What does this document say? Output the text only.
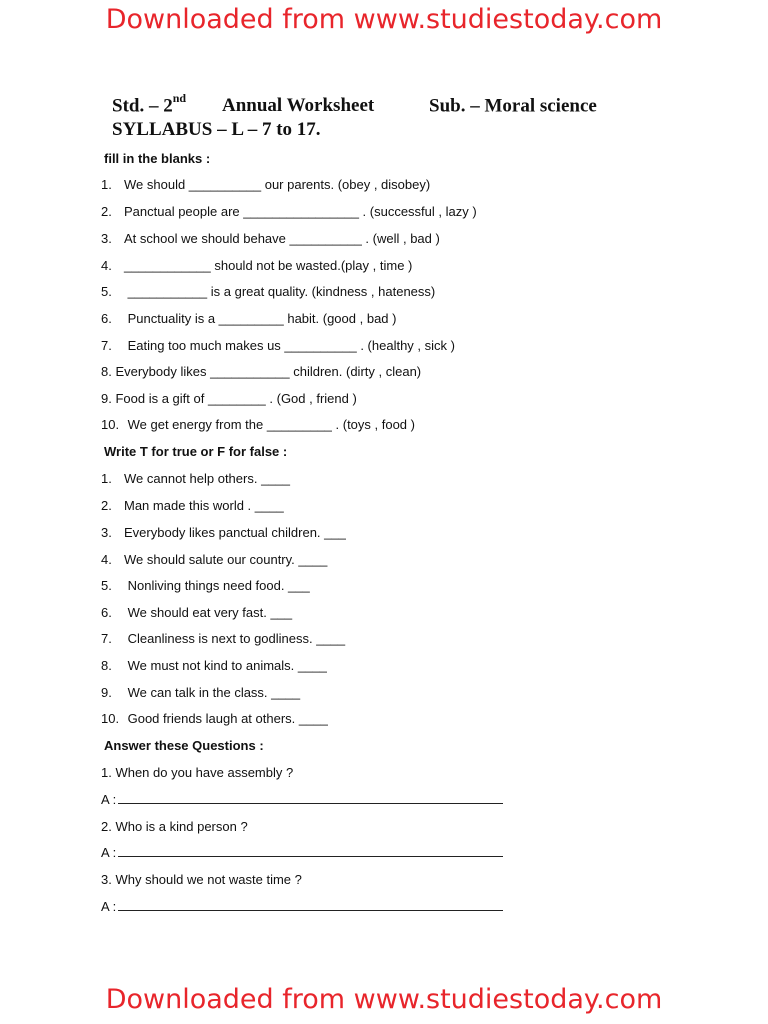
Downloaded from www.studiestoday.com
Std. – 2nd Annual Worksheet	Sub. – Moral science
SYLLABUS – L – 7 to 17.
fill in the blanks :
1. We should __________ our parents. (obey , disobey)
2. Panctual people are ________________ . (successful , lazy )
3. At school we should behave __________ . (well , bad )
4. ____________ should not be wasted.(play , time )
5. ___________ is a great quality. (kindness , hateness)
6. Punctuality is a _________ habit. (good , bad )
7. Eating too much makes us __________ . (healthy , sick )
8. Everybody likes ___________ children. (dirty , clean)
9. Food is a gift of ________ . (God , friend )
10. We get energy from the _________ . (toys , food )
Write T for true or F for false :
1. We cannot help others. ____
2. Man made this world . ____
3. Everybody likes panctual children. ___
4. We should salute our country. ____
5. Nonliving things need food. ___
6. We should eat very fast. ___
7. Cleanliness is next to godliness. ____
8. We must not kind to animals. ____
9. We can talk in the class. ____
10. Good friends laugh at others. ____
Answer these Questions :
1. When do you have assembly ?
A :
2. Who is a kind person ?
A :
3. Why should we not waste time ?
A :
Downloaded from www.studiestoday.com
